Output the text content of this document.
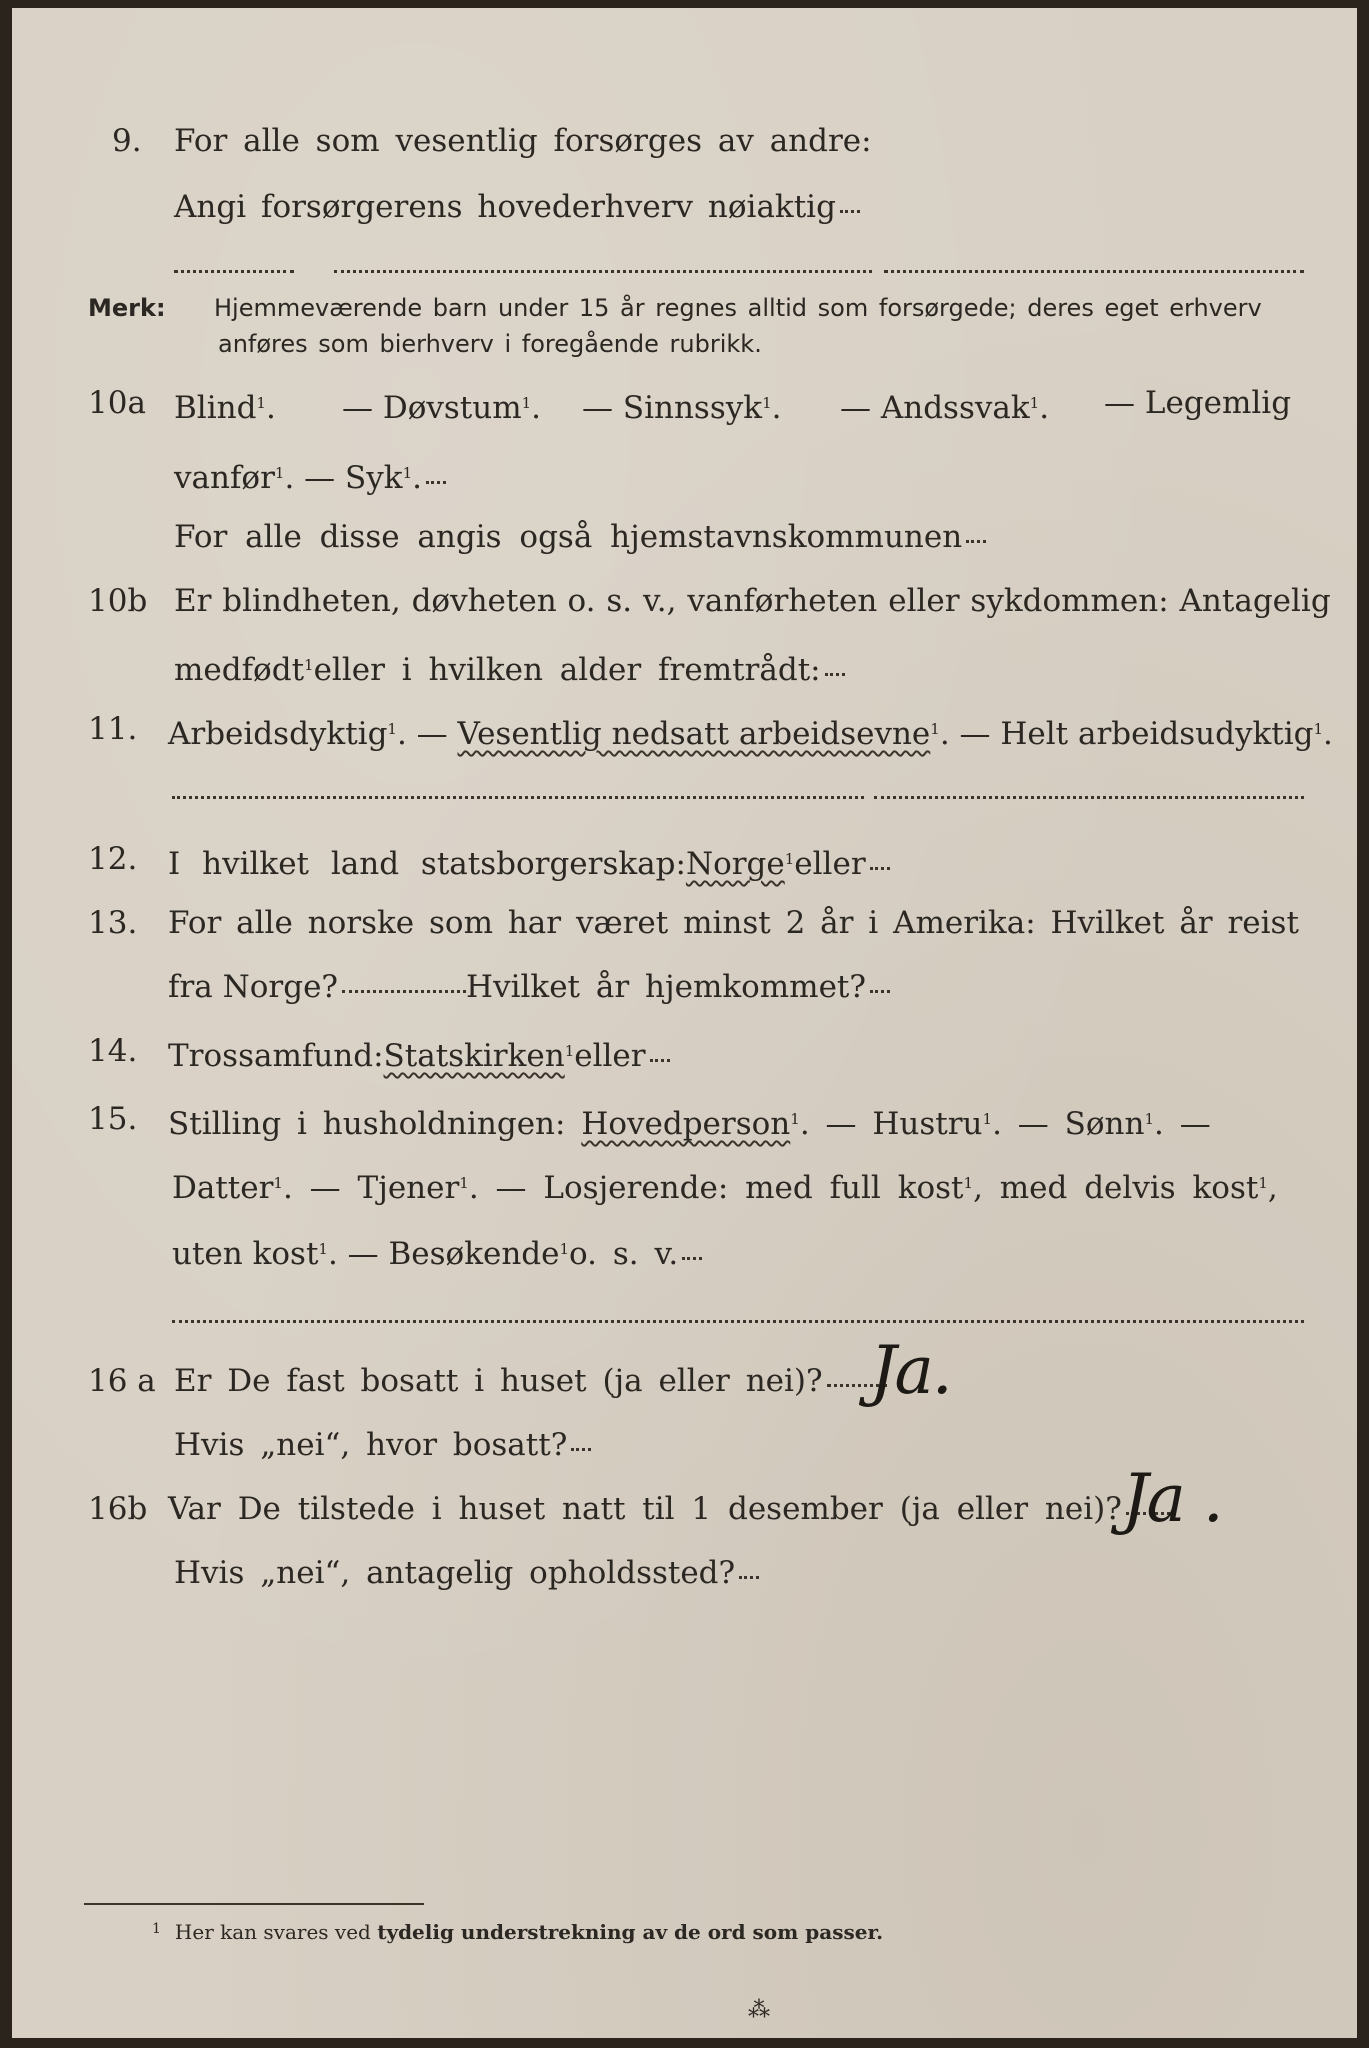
9. For alle som vesentlig forsørges av andre:
Angi forsørgerens hovederhverv nøiaktig
Merk: Hjemmeværende barn under 15 år regnes alltid som forsørgede; deres eget erhverv
anføres som bierhverv i foregående rubrikk.
10a Blind$^1$. — Døvstum$^1$. — Sinnssyk$^1$. — Andssvak$^1$. — Legemlig
vanfør$^1$ . — Syk$^1$.
For alle disse angis også hjemstavnskommunen
10b Er blindheten, døvheten o. s. v., vanførheten eller sykdommen: Antagelig
medfødt$^1$ eller i hvilken alder fremtrådt:
11. Arbeidsdyktig$^1$. — Vesentlig nedsatt arbeidsevne$^1$. — Helt arbeidsudyktig$^1$.
12. I hvilket land statsborgerskap: Norge$^1$ eller
13. For alle norske som har været minst 2 år i Amerika: Hvilket år reist
fra Norge?	Hvilket år hjemkommet?
14. Trossamfund: Statskirken$^1$ eller
15. Stilling i husholdningen: Hovedperson$^1$. — Hustru$^1$. — Sønn$^1$. —
Datter$^1$. — Tjener$^1$. — Losjerende: med full kost$^1$, med delvis kost$^1$,
uten kost$^1$ . — Besøkende$^1$ o. s. v.
16 a Er De fast bosatt i huset (ja eller nei)? Ja.
Hvis „nei“, hvor bosatt?
16b Var De tilstede i huset natt til 1 desember (ja eller nei)? Ja .
Hvis „nei“, antagelig opholdssted?
$^1$ Her kan svares ved tydelig understrekning av de ord som passer.
⁂
